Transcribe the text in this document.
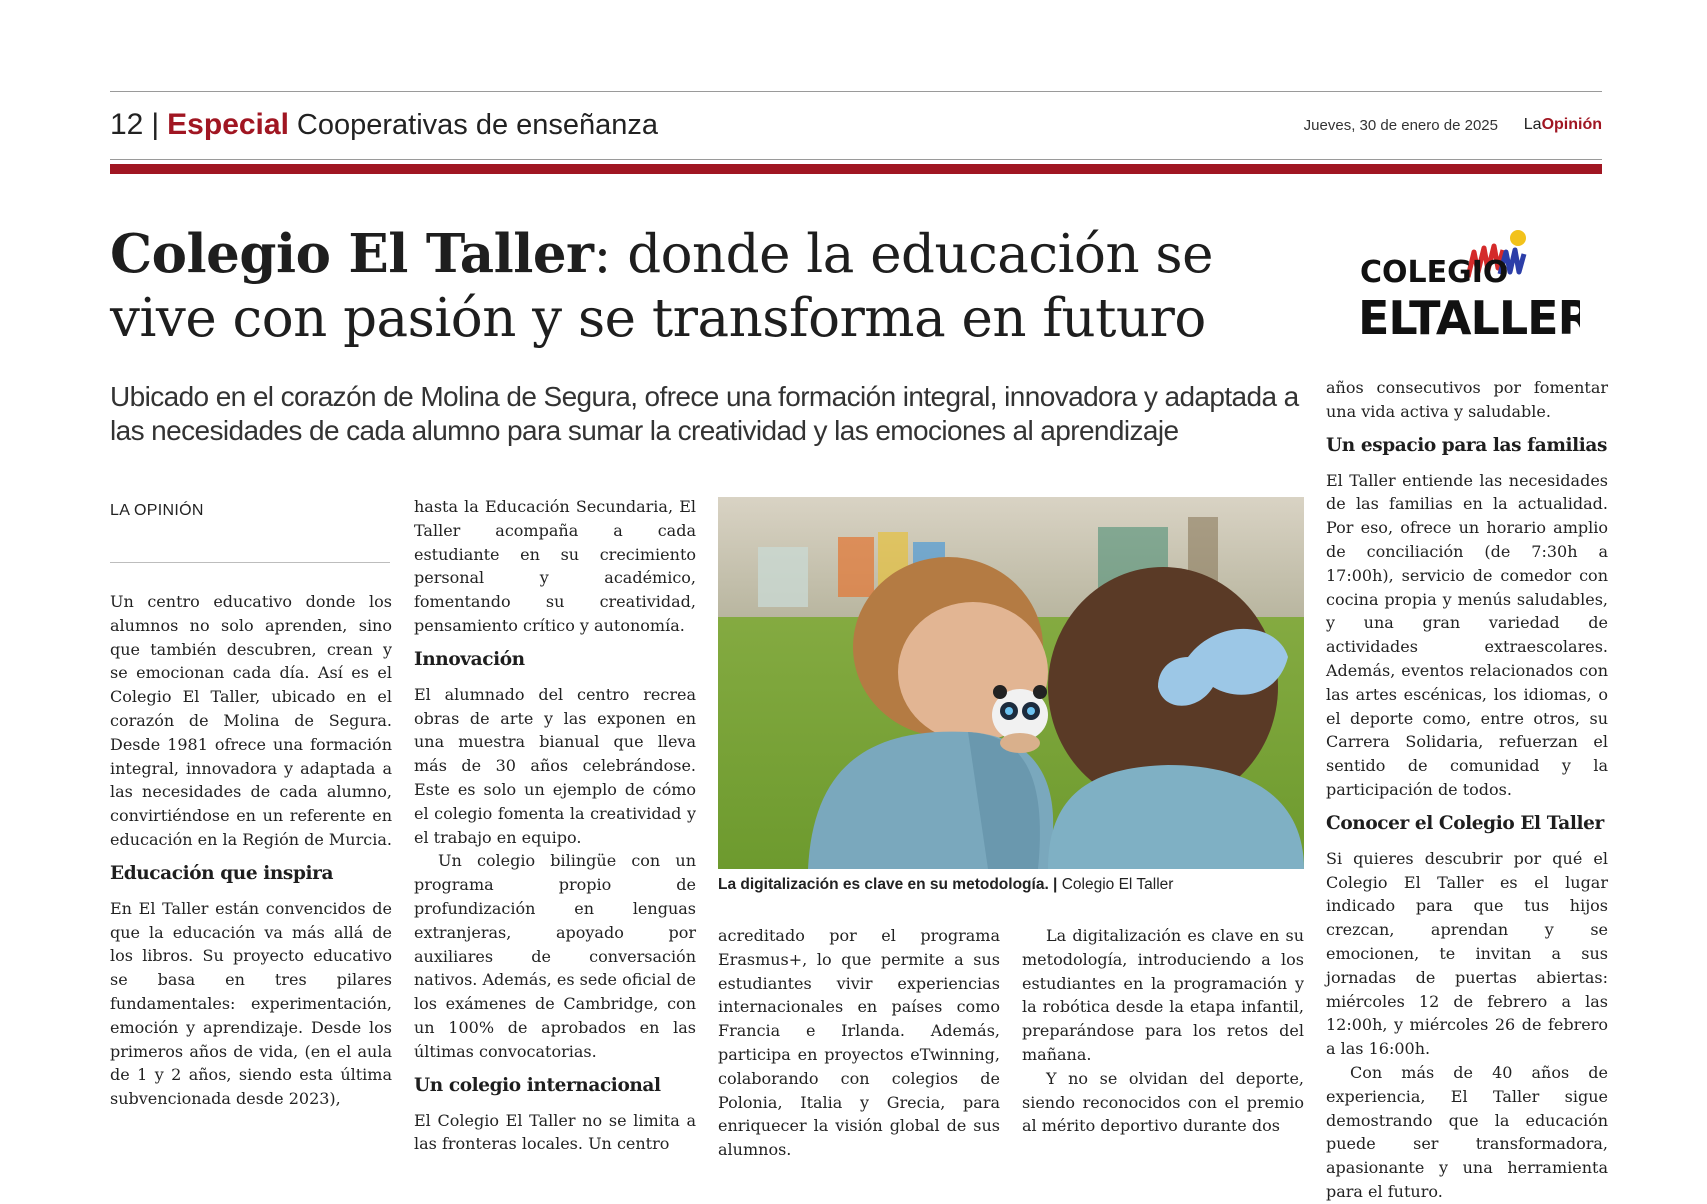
12 | Especial Cooperativas de enseñanza	Jueves, 30 de enero de 2025 LaOpinión
Colegio El Taller: donde la educación se vive con pasión y se transforma en futuro
COLEGIO
ELTALLER
Ubicado en el corazón de Molina de Segura, ofrece una formación integral, innovadora y adaptada a las necesidades de cada alumno para sumar la creatividad y las emociones al aprendizaje
LA OPINIÓN

Un centro educativo donde los alumnos no solo aprenden, sino que también descubren, crean y se emocionan cada día. Así es el Colegio El Taller, ubicado en el corazón de Molina de Segura. Desde 1981 ofrece una formación integral, innovadora y adaptada a las necesidades de cada alumno, convirtiéndose en un referente en educación en la Región de Murcia.

Educación que inspira

En El Taller están convencidos de que la educación va más allá de los libros. Su proyecto educativo se basa en tres pilares fundamentales: experimentación, emoción y aprendizaje. Desde los primeros años de vida, (en el aula de 1 y 2 años, siendo esta última subvencionada desde 2023),

hasta la Educación Secundaria, El Taller acompaña a cada estudiante en su crecimiento personal y académico, fomentando su creatividad, pensamiento crítico y autonomía.

Innovación

El alumnado del centro recrea obras de arte y las exponen en una muestra bianual que lleva más de 30 años celebrándose. Este es solo un ejemplo de cómo el colegio fomenta la creatividad y el trabajo en equipo.

Un colegio bilingüe con un programa propio de profundización en lenguas extranjeras, apoyado por auxiliares de conversación nativos. Además, es sede oficial de los exámenes de Cambridge, con un 100% de aprobados en las últimas convocatorias.

Un colegio internacional

El Colegio El Taller no se limita a las fronteras locales. Un centro

La digitalización es clave en su metodología. | Colegio El Taller

acreditado por el programa Erasmus+, lo que permite a sus estudiantes vivir experiencias internacionales en países como Francia e Irlanda. Además, participa en proyectos eTwinning, colaborando con colegios de Polonia, Italia y Grecia, para enriquecer la visión global de sus alumnos.

La digitalización es clave en su metodología, introduciendo a los estudiantes en la programación y la robótica desde la etapa infantil, preparándose para los retos del mañana.

Y no se olvidan del deporte, siendo reconocidos con el premio al mérito deportivo durante dos

años consecutivos por fomentar una vida activa y saludable.

Un espacio para las familias

El Taller entiende las necesidades de las familias en la actualidad. Por eso, ofrece un horario amplio de conciliación (de 7:30h a 17:00h), servicio de comedor con cocina propia y menús saludables, y una gran variedad de actividades extraescolares. Además, eventos relacionados con las artes escénicas, los idiomas, o el deporte como, entre otros, su Carrera Solidaria, refuerzan el sentido de comunidad y la participación de todos.

Conocer el Colegio El Taller

Si quieres descubrir por qué el Colegio El Taller es el lugar indicado para que tus hijos crezcan, aprendan y se emocionen, te invitan a sus jornadas de puertas abiertas: miércoles 12 de febrero a las 12:00h, y miércoles 26 de febrero a las 16:00h.

Con más de 40 años de experiencia, El Taller sigue demostrando que la educación puede ser transformadora, apasionante y una herramienta para el futuro.
